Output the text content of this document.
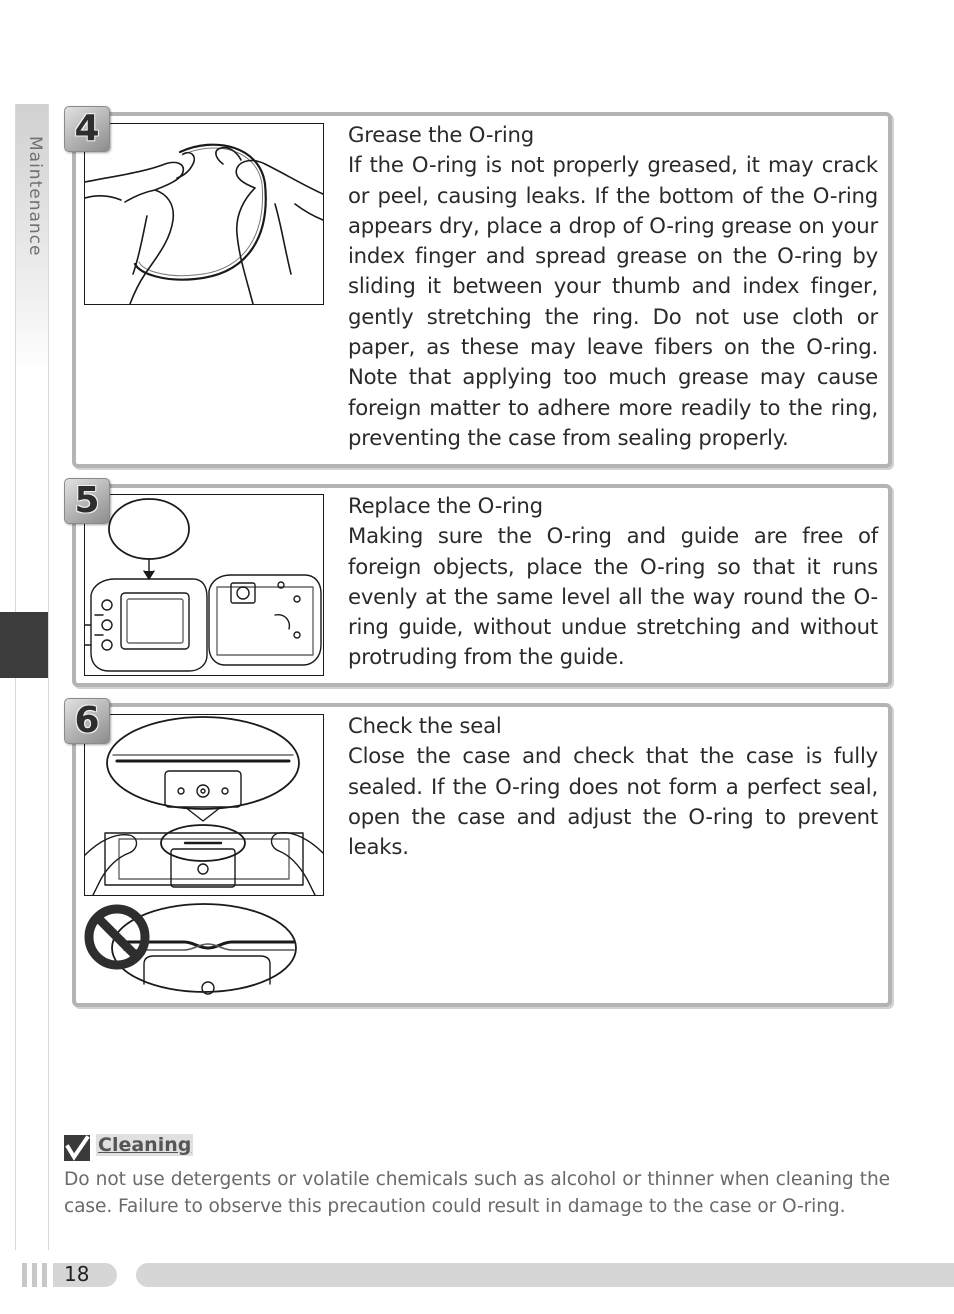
Maintenance
4	Grease the O-ring
If the O-ring is not properly greased, it may crack or peel, causing leaks. If the bottom of the O-ring appears dry, place a drop of O-ring grease on your index finger and spread grease on the O-ring by sliding it between your thumb and index finger, gently stretching the ring. Do not use cloth or paper, as these may leave fibers on the O-ring. Note that applying too much grease may cause foreign matter to adhere more readily to the ring, preventing the case from sealing properly.
5	Replace the O-ring
Making sure the O-ring and guide are free of foreign objects, place the O-ring so that it runs evenly at the same level all the way round the O-ring guide, without undue stretching and without protruding from the guide.
6	Check the seal
Close the case and check that the case is fully sealed. If the O-ring does not form a perfect seal, open the case and adjust the O-ring to prevent leaks.
Cleaning
Do not use detergents or volatile chemicals such as alcohol or thinner when cleaning the case. Failure to observe this precaution could result in damage to the case or O-ring.
18
